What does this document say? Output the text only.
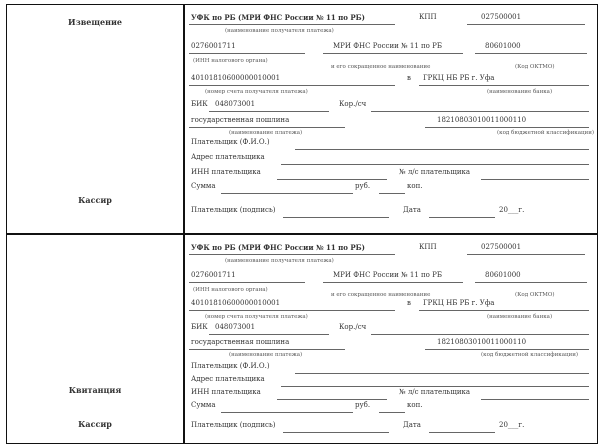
Извещение
Кассир
УФК по РБ (МРИ ФНС России № 11 по РБ)	КПП	027500001
(наименование получателя платежа)
0276001711	МРИ ФНС России № 11 по РБ	80601000
(ИНН налогового органа)
и его сокращенное наименование	(Код ОКТМО)
40101810600000010001	в ГРКЦ НБ РБ г. Уфа
(номер счета получателя платежа)	(наименование банка)
БИК 048073001	Кор./сч
государственная пошлина	18210803010011000110
(наименование платежа)	(код бюджетной классификации)
Плательщик (Ф.И.О.)
Адрес плательщика
ИНН плательщика	№ л/с плательщика
Сумма	руб.	коп.
Плательщик (подпись)	Дата	20___г.
Квитанция
Кассир
УФК по РБ (МРИ ФНС России № 11 по РБ)	КПП	027500001
(наименование получателя платежа)
0276001711	МРИ ФНС России № 11 по РБ	80601000
(ИНН налогового органа)
и его сокращенное наименование	(Код ОКТМО)
40101810600000010001	в ГРКЦ НБ РБ г. Уфа
(номер счета получателя платежа)	(наименование банка)
БИК 048073001	Кор./сч
государственная пошлина	18210803010011000110
(наименование платежа)	(код бюджетной классификации)
Плательщик (Ф.И.О.)
Адрес плательщика
ИНН плательщика	№ л/с плательщика
Сумма	руб.	коп.
Плательщик (подпись)	Дата	20___г.
